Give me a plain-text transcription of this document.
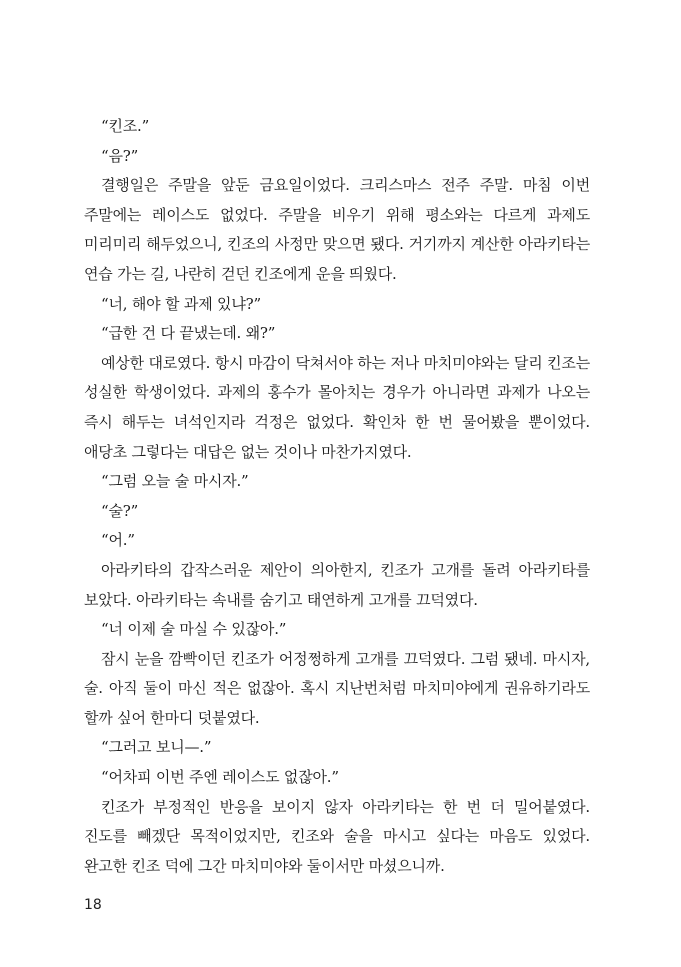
“킨조.”

“음?”

결행일은 주말을 앞둔 금요일이었다. 크리스마스 전주 주말. 마침 이번 주말에는 레이스도 없었다. 주말을 비우기 위해 평소와는 다르게 과제도 미리미리 해두었으니, 킨조의 사정만 맞으면 됐다. 거기까지 계산한 아라키타는 연습 가는 길, 나란히 걷던 킨조에게 운을 띄웠다.

“너, 해야 할 과제 있냐?”

“급한 건 다 끝냈는데. 왜?”

예상한 대로였다. 항시 마감이 닥쳐서야 하는 저나 마치미야와는 달리 킨조는 성실한 학생이었다. 과제의 홍수가 몰아치는 경우가 아니라면 과제가 나오는 즉시 해두는 녀석인지라 걱정은 없었다. 확인차 한 번 물어봤을 뿐이었다. 애당초 그렇다는 대답은 없는 것이나 마찬가지였다.

“그럼 오늘 술 마시자.”

“술?”

“어.”

아라키타의 갑작스러운 제안이 의아한지, 킨조가 고개를 돌려 아라키타를 보았다. 아라키타는 속내를 숨기고 태연하게 고개를 끄덕였다.

“너 이제 술 마실 수 있잖아.”

잠시 눈을 깜빡이던 킨조가 어정쩡하게 고개를 끄덕였다. 그럼 됐네. 마시자, 술. 아직 둘이 마신 적은 없잖아. 혹시 지난번처럼 마치미야에게 권유하기라도 할까 싶어 한마디 덧붙였다.

“그러고 보니—.”

“어차피 이번 주엔 레이스도 없잖아.”

킨조가 부정적인 반응을 보이지 않자 아라키타는 한 번 더 밀어붙였다. 진도를 빼겠단 목적이었지만, 킨조와 술을 마시고 싶다는 마음도 있었다. 완고한 킨조 덕에 그간 마치미야와 둘이서만 마셨으니까.

18
